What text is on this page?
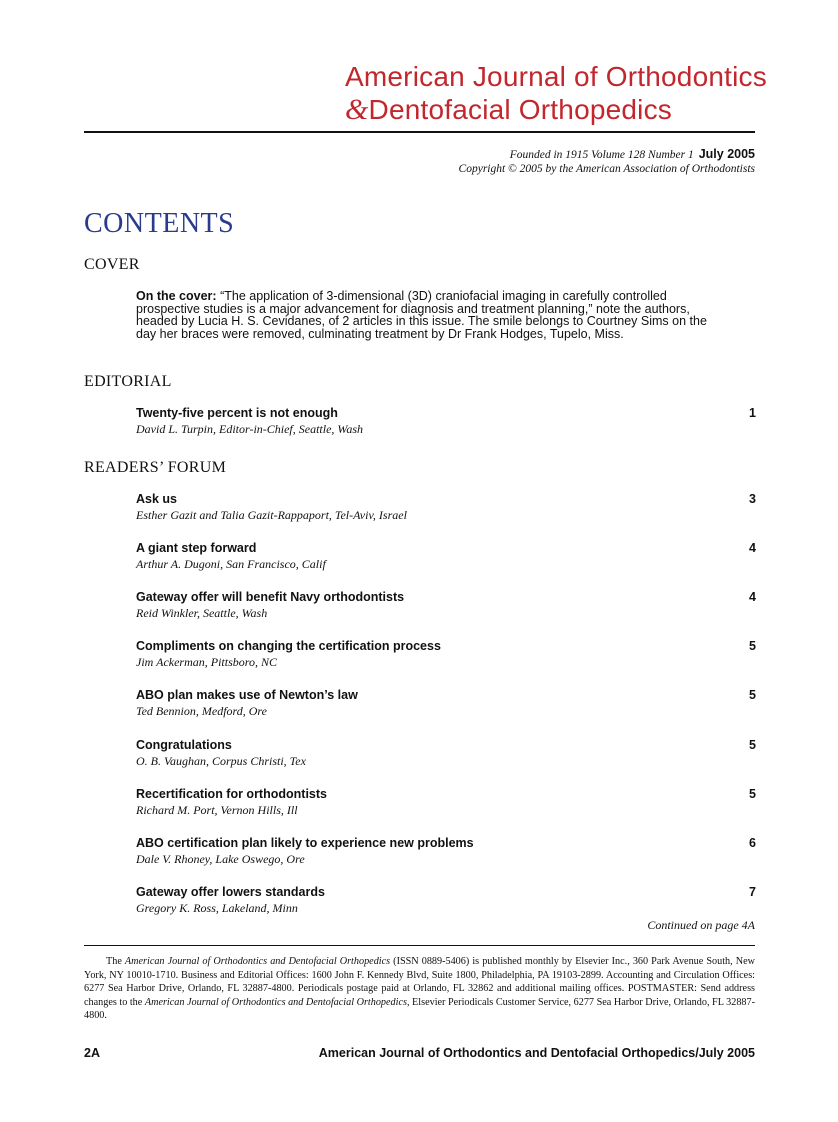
American Journal of Orthodontics
&Dentofacial Orthopedics
Founded in 1915 Volume 128 Number 1 July 2005
Copyright © 2005 by the American Association of Orthodontists
CONTENTS
COVER
On the cover: “The application of 3-dimensional (3D) craniofacial imaging in carefully controlled prospective studies is a major advancement for diagnosis and treatment planning,” note the authors, headed by Lucia H. S. Cevidanes, of 2 articles in this issue. The smile belongs to Courtney Sims on the day her braces were removed, culminating treatment by Dr Frank Hodges, Tupelo, Miss.
EDITORIAL
Twenty-five percent is not enough
David L. Turpin, Editor-in-Chief, Seattle, Wash
1
READERS’ FORUM
Ask us
Esther Gazit and Talia Gazit-Rappaport, Tel-Aviv, Israel
3
A giant step forward
Arthur A. Dugoni, San Francisco, Calif
4
Gateway offer will benefit Navy orthodontists
Reid Winkler, Seattle, Wash
4
Compliments on changing the certification process
Jim Ackerman, Pittsboro, NC
5
ABO plan makes use of Newton’s law
Ted Bennion, Medford, Ore
5
Congratulations
O. B. Vaughan, Corpus Christi, Tex
5
Recertification for orthodontists
Richard M. Port, Vernon Hills, Ill
5
ABO certification plan likely to experience new problems
Dale V. Rhoney, Lake Oswego, Ore
6
Gateway offer lowers standards
Gregory K. Ross, Lakeland, Minn
7
Continued on page 4A
The American Journal of Orthodontics and Dentofacial Orthopedics (ISSN 0889-5406) is published monthly by Elsevier Inc., 360 Park Avenue South, New York, NY 10010-1710. Business and Editorial Offices: 1600 John F. Kennedy Blvd, Suite 1800, Philadelphia, PA 19103-2899. Accounting and Circulation Offices: 6277 Sea Harbor Drive, Orlando, FL 32887-4800. Periodicals postage paid at Orlando, FL 32862 and additional mailing offices. POSTMASTER: Send address changes to the American Journal of Orthodontics and Dentofacial Orthopedics, Elsevier Periodicals Customer Service, 6277 Sea Harbor Drive, Orlando, FL 32887-4800.
2A	American Journal of Orthodontics and Dentofacial Orthopedics/July 2005
